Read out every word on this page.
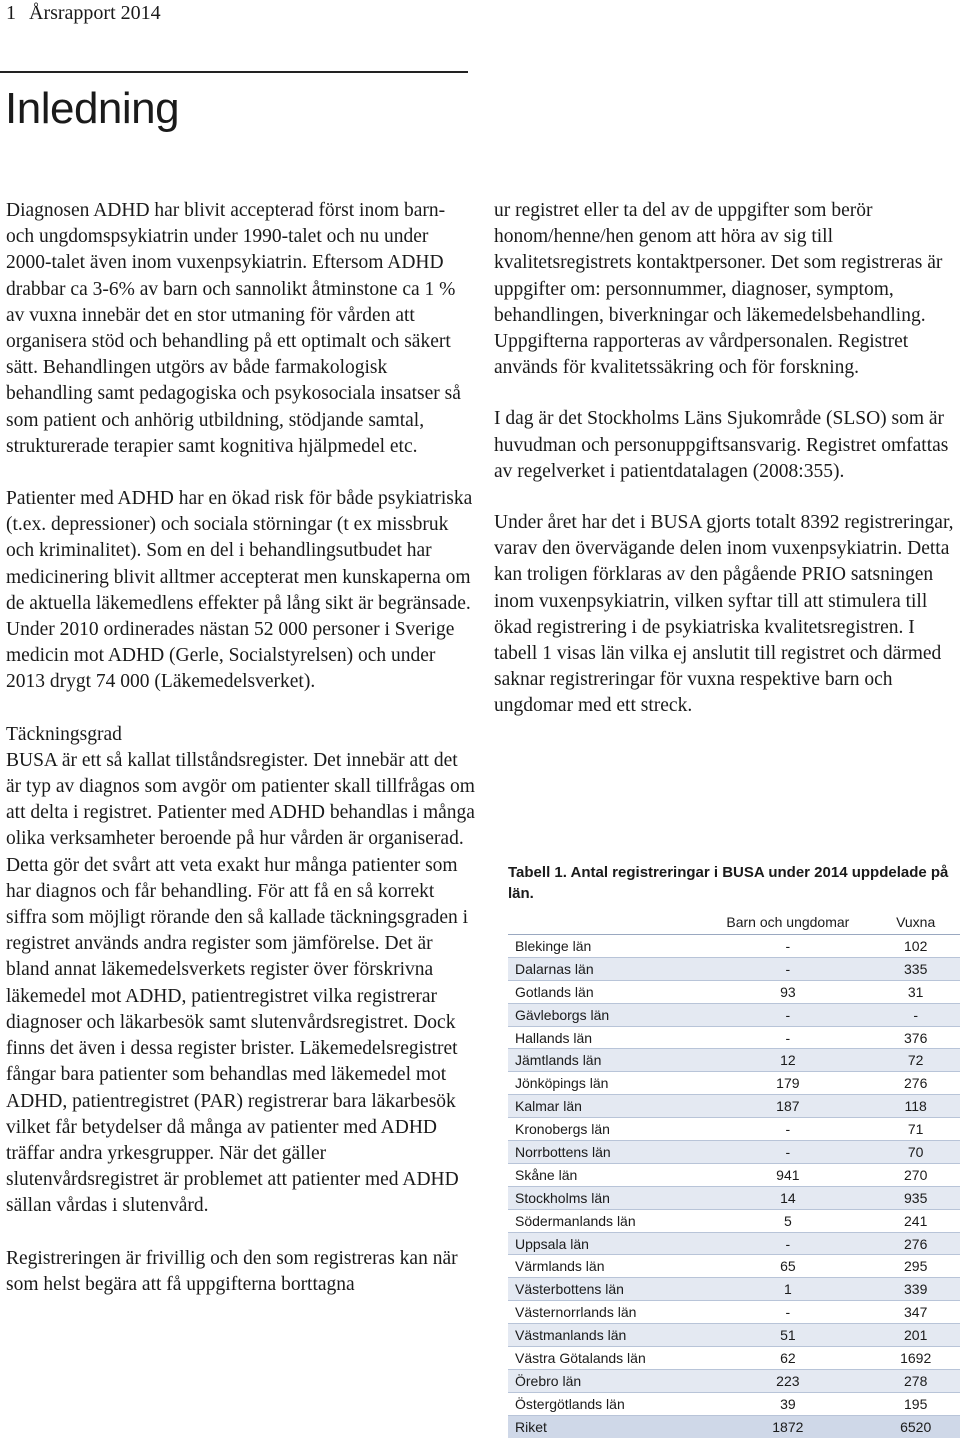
1 Årsrapport 2014
Inledning

Diagnosen ADHD har blivit accepterad först inom barn- och ungdomspsykiatrin under 1990-talet och nu under 2000-talet även inom vuxenpsykiatrin. Eftersom ADHD drabbar ca 3-6% av barn och sannolikt åtminstone ca 1 % av vuxna innebär det en stor utmaning för vården att organisera stöd och behandling på ett optimalt och säkert sätt. Behandlingen utgörs av både farmakologisk behandling samt pedagogiska och psykosociala insatser så som patient och anhörig utbildning, stödjande samtal, strukturerade terapier samt kognitiva hjälpmedel etc.

Patienter med ADHD har en ökad risk för både psykiatriska (t.ex. depressioner) och sociala störningar (t ex missbruk och kriminalitet). Som en del i behandlingsutbudet har medicinering blivit alltmer accepterat men kunskaperna om de aktuella läkemedlens effekter på lång sikt är begränsade. Under 2010 ordinerades nästan 52 000 personer i Sverige medicin mot ADHD (Gerle, Socialstyrelsen) och under 2013 drygt 74 000 (Läkemedelsverket).

Täckningsgrad

BUSA är ett så kallat tillståndsregister. Det innebär att det är typ av diagnos som avgör om patienter skall tillfrågas om att delta i registret. Patienter med ADHD behandlas i många olika verksamheter beroende på hur vården är organiserad. Detta gör det svårt att veta exakt hur många patienter som har diagnos och får behandling. För att få en så korrekt siffra som möjligt rörande den så kallade täckningsgraden i registret används andra register som jämförelse. Det är bland annat läkemedelsverkets register över förskrivna läkemedel mot ADHD, patientregistret vilka registrerar diagnoser och läkarbesök samt slutenvårdsregistret. Dock finns det även i dessa register brister. Läkemedelsregistret fångar bara patienter som behandlas med läkemedel mot ADHD, patientregistret (PAR) registrerar bara läkarbesök vilket får betydelser då många av patienter med ADHD träffar andra yrkesgrupper. När det gäller slutenvårdsregistret är problemet att patienter med ADHD sällan vårdas i slutenvård.

Registreringen är frivillig och den som registreras kan när som helst begära att få uppgifterna borttagna

ur registret eller ta del av de uppgifter som berör honom/henne/hen genom att höra av sig till kvalitetsregistrets kontaktpersoner. Det som registreras är uppgifter om: personnummer, diagnoser, symptom, behandlingen, biverkningar och läkemedelsbehandling. Uppgifterna rapporteras av vårdpersonalen. Registret används för kvalitetssäkring och för forskning.

I dag är det Stockholms Läns Sjukområde (SLSO) som är huvudman och personuppgiftsansvarig. Registret omfattas av regelverket i patientdatalagen (2008:355).

Under året har det i BUSA gjorts totalt 8392 registreringar, varav den övervägande delen inom vuxenpsykiatrin. Detta kan troligen förklaras av den pågående PRIO satsningen inom vuxenpsykiatrin, vilken syftar till att stimulera till ökad registrering i de psykiatriska kvalitetsregistren. I tabell 1 visas län vilka ej anslutit till registret och därmed saknar registreringar för vuxna respektive barn och ungdomar med ett streck.

Tabell 1. Antal registreringar i BUSA under 2014 uppdelade på län.
	Barn och ungdomar	Vuxna
Blekinge län	-	102
Dalarnas län	-	335
Gotlands län	93	31
Gävleborgs län	-	-
Hallands län	-	376
Jämtlands län	12	72
Jönköpings län	179	276
Kalmar län	187	118
Kronobergs län	-	71
Norrbottens län	-	70
Skåne län	941	270
Stockholms län	14	935
Södermanlands län	5	241
Uppsala län	-	276
Värmlands län	65	295
Västerbottens län	1	339
Västernorrlands län	-	347
Västmanlands län	51	201
Västra Götalands län	62	1692
Örebro län	223	278
Östergötlands län	39	195
Riket	1872	6520
